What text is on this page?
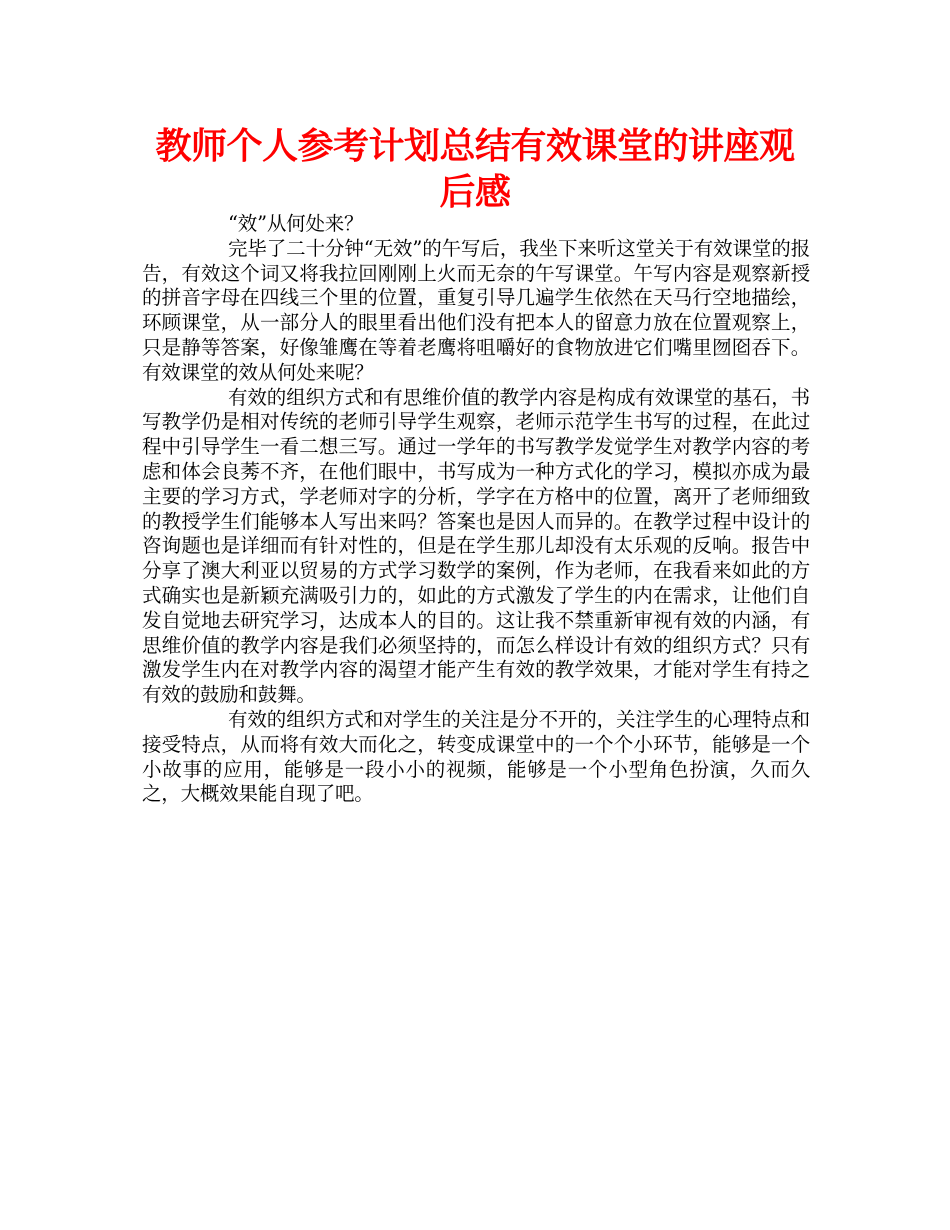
教师个人参考计划总结有效课堂的讲座观后感

“效”从何处来？

完毕了二十分钟“无效”的午写后，我坐下来听这堂关于有效课堂的报告，有效这个词又将我拉回刚刚上火而无奈的午写课堂。午写内容是观察新授的拼音字母在四线三个里的位置，重复引导几遍学生依然在天马行空地描绘，环顾课堂，从一部分人的眼里看出他们没有把本人的留意力放在位置观察上，只是静等答案，好像雏鹰在等着老鹰将咀嚼好的食物放进它们嘴里囫囵吞下。有效课堂的效从何处来呢？

有效的组织方式和有思维价值的教学内容是构成有效课堂的基石，书写教学仍是相对传统的老师引导学生观察，老师示范学生书写的过程，在此过程中引导学生一看二想三写。通过一学年的书写教学发觉学生对教学内容的考虑和体会良莠不齐，在他们眼中，书写成为一种方式化的学习，模拟亦成为最主要的学习方式，学老师对字的分析，学字在方格中的位置，离开了老师细致的教授学生们能够本人写出来吗？答案也是因人而异的。在教学过程中设计的咨询题也是详细而有针对性的，但是在学生那儿却没有太乐观的反响。报告中分享了澳大利亚以贸易的方式学习数学的案例，作为老师，在我看来如此的方式确实也是新颖充满吸引力的，如此的方式激发了学生的内在需求，让他们自发自觉地去研究学习，达成本人的目的。这让我不禁重新审视有效的内涵，有思维价值的教学内容是我们必须坚持的，而怎么样设计有效的组织方式？只有激发学生内在对教学内容的渴望才能产生有效的教学效果，才能对学生有持之有效的鼓励和鼓舞。

有效的组织方式和对学生的关注是分不开的，关注学生的心理特点和接受特点，从而将有效大而化之，转变成课堂中的一个个小环节，能够是一个小故事的应用，能够是一段小小的视频，能够是一个小型角色扮演，久而久之，大概效果能自现了吧。
